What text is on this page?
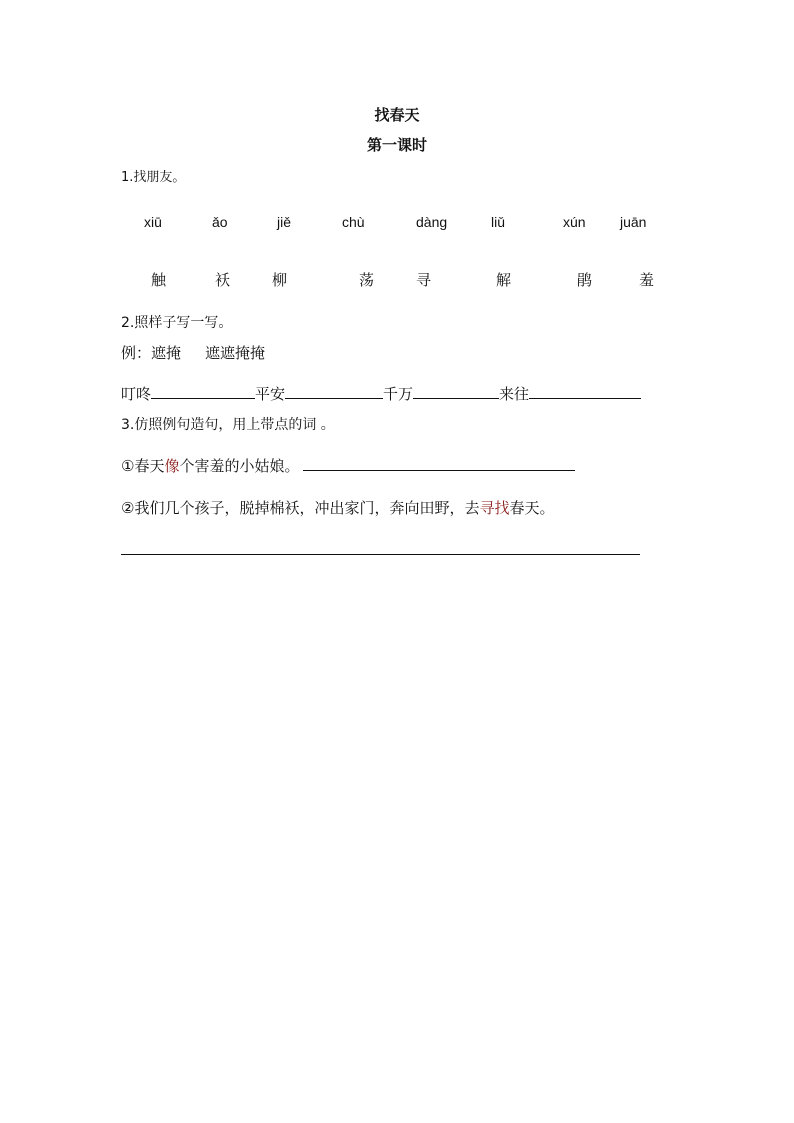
找春天
第一课时
1.找朋友。
xiū	ǎo	jiě	chù	dàng	liǔ	xún juān
触	袄	柳	荡	寻	解	鹃	羞
2.照样子写一写。
例：遮掩 遮遮掩掩
叮咚	平安	千万	来往
3.仿照例句造句，用上带点的词 。
①春天像个害羞的小姑娘。
②我们几个孩子，脱掉棉袄，冲出家门，奔向田野，去寻找春天。
